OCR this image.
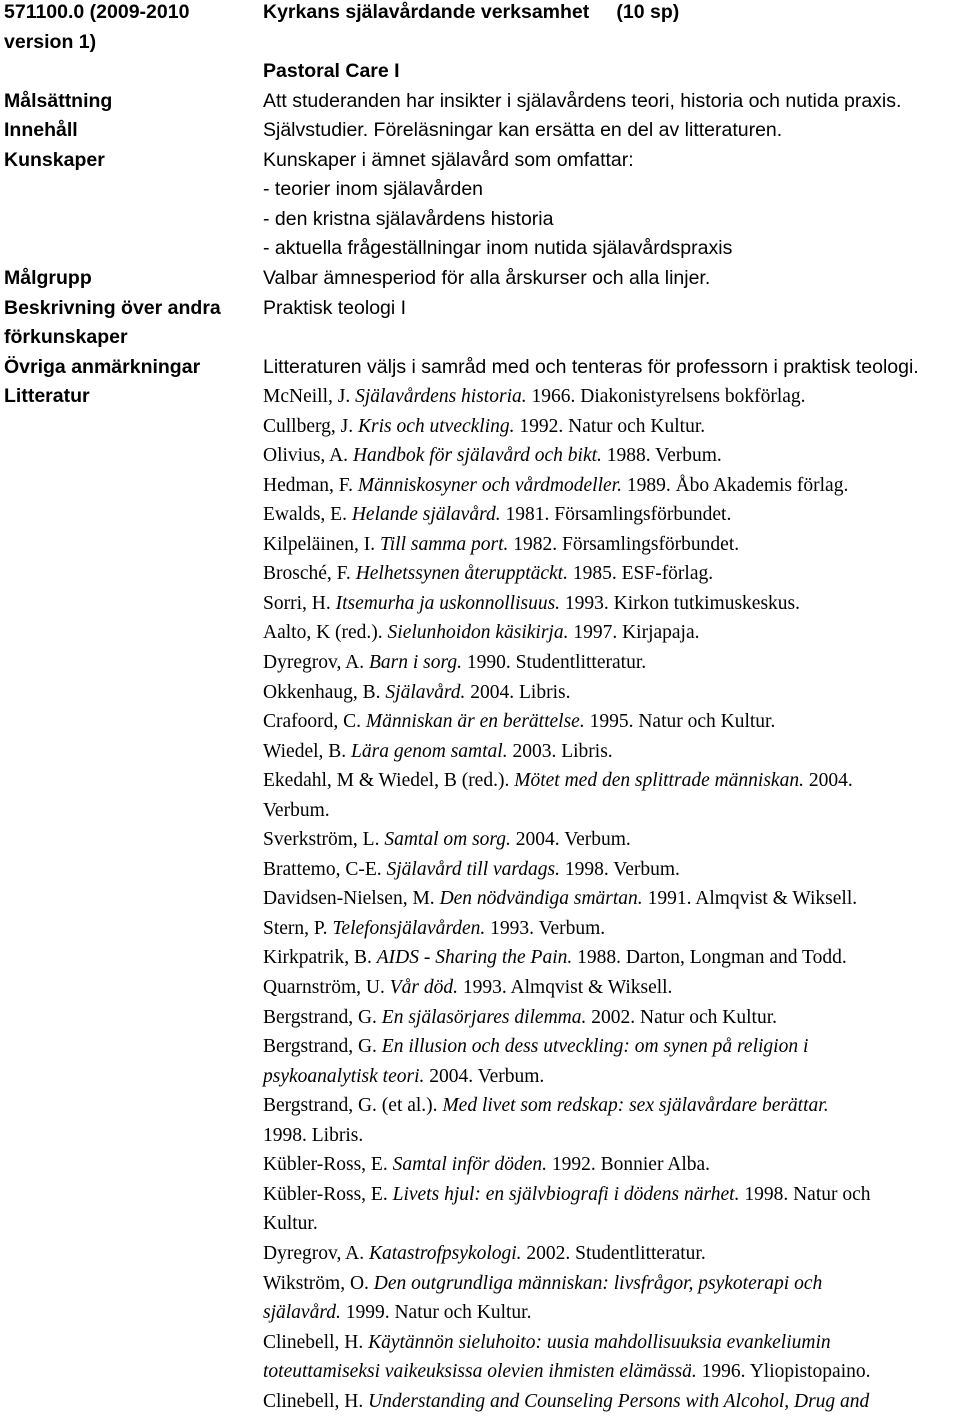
571100.0 (2009-2010
version 1)
Målsättning
Innehåll
Kunskaper
Målgrupp
Beskrivning över andra
förkunskaper
Övriga anmärkningar
Litteratur
Kyrkans själavårdande verksamhet (10 sp)
Pastoral Care I
Att studeranden har insikter i själavårdens teori, historia och nutida praxis.
Självstudier. Föreläsningar kan ersätta en del av litteraturen.
Kunskaper i ämnet själavård som omfattar:
- teorier inom själavården
- den kristna själavårdens historia
- aktuella frågeställningar inom nutida själavårdspraxis
Valbar ämnesperiod för alla årskurser och alla linjer.
Praktisk teologi I
Litteraturen väljs i samråd med och tenteras för professorn i praktisk teologi.
McNeill, J. Själavårdens historia. 1966. Diakonistyrelsens bokförlag.
Cullberg, J. Kris och utveckling. 1992. Natur och Kultur.
Olivius, A. Handbok för själavård och bikt. 1988. Verbum.
Hedman, F. Människosyner och vårdmodeller. 1989. Åbo Akademis förlag.
Ewalds, E. Helande själavård. 1981. Församlingsförbundet.
Kilpeläinen, I. Till samma port. 1982. Församlingsförbundet.
Brosché, F. Helhetssynen återupptäckt. 1985. ESF-förlag.
Sorri, H. Itsemurha ja uskonnollisuus. 1993. Kirkon tutkimuskeskus.
Aalto, K (red.). Sielunhoidon käsikirja. 1997. Kirjapaja.
Dyregrov, A. Barn i sorg. 1990. Studentlitteratur.
Okkenhaug, B. Själavård. 2004. Libris.
Crafoord, C. Människan är en berättelse. 1995. Natur och Kultur.
Wiedel, B. Lära genom samtal. 2003. Libris.
Ekedahl, M & Wiedel, B (red.). Mötet med den splittrade människan. 2004.
Verbum.
Sverkström, L. Samtal om sorg. 2004. Verbum.
Brattemo, C-E. Själavård till vardags. 1998. Verbum.
Davidsen-Nielsen, M. Den nödvändiga smärtan. 1991. Almqvist & Wiksell.
Stern, P. Telefonsjälavården. 1993. Verbum.
Kirkpatrik, B. AIDS - Sharing the Pain. 1988. Darton, Longman and Todd.
Quarnström, U. Vår död. 1993. Almqvist & Wiksell.
Bergstrand, G. En själasörjares dilemma. 2002. Natur och Kultur.
Bergstrand, G. En illusion och dess utveckling: om synen på religion i
psykoanalytisk teori. 2004. Verbum.
Bergstrand, G. (et al.). Med livet som redskap: sex själavårdare berättar.
1998. Libris.
Kübler-Ross, E. Samtal inför döden. 1992. Bonnier Alba.
Kübler-Ross, E. Livets hjul: en självbiografi i dödens närhet. 1998. Natur och
Kultur.
Dyregrov, A. Katastrofpsykologi. 2002. Studentlitteratur.
Wikström, O. Den outgrundliga människan: livsfrågor, psykoterapi och
själavård. 1999. Natur och Kultur.
Clinebell, H. Käytännön sieluhoito: uusia mahdollisuuksia evankeliumin
toteuttamiseksi vaikeuksissa olevien ihmisten elämässä. 1996. Yliopistopaino.
Clinebell, H. Understanding and Counseling Persons with Alcohol, Drug and
